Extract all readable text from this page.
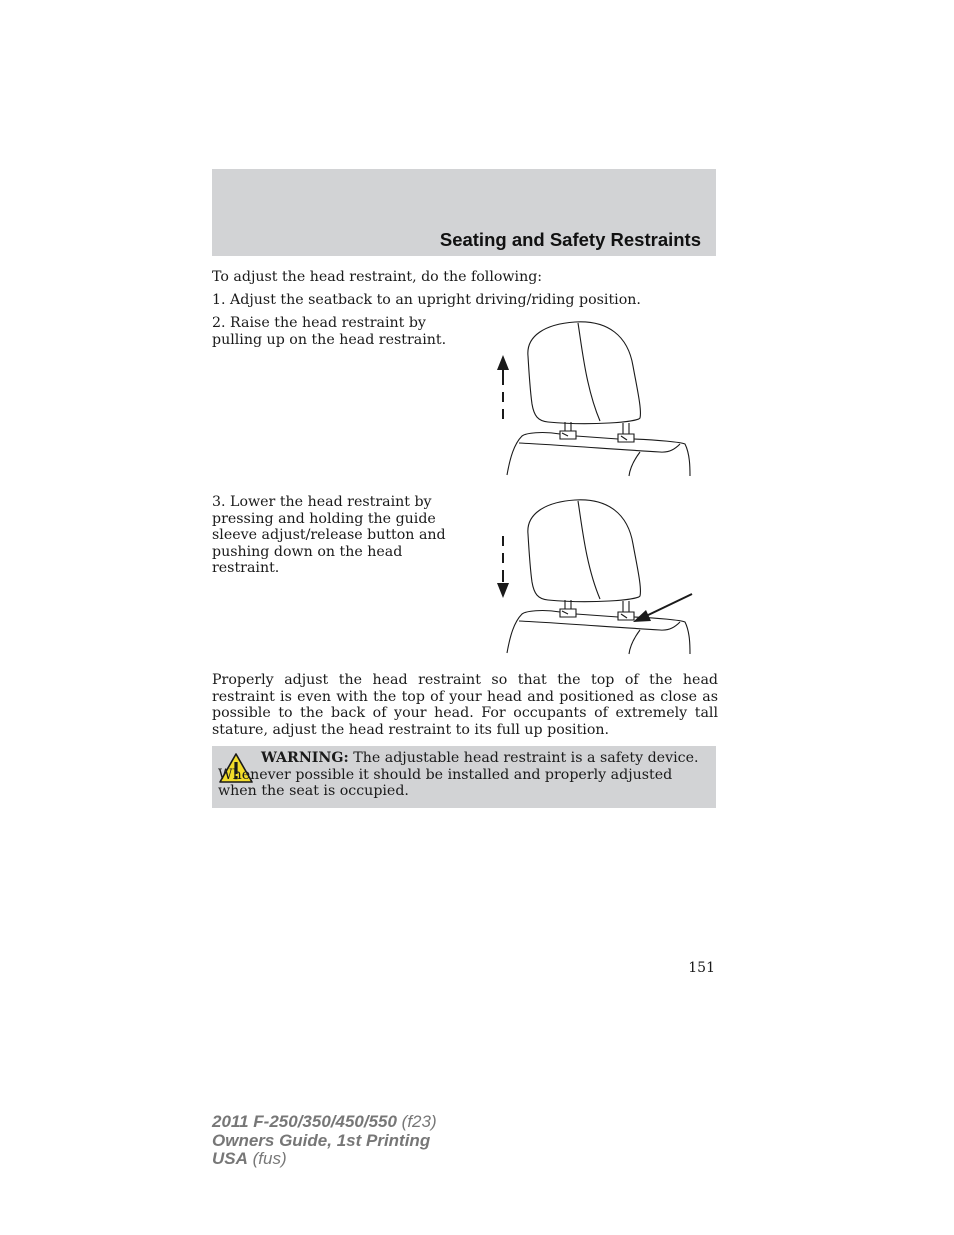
Seating and Safety Restraints
To adjust the head restraint, do the following:
1. Adjust the seatback to an upright driving/riding position.
2. Raise the head restraint by pulling up on the head restraint.
3. Lower the head restraint by pressing and holding the guide sleeve adjust/release button and pushing down on the head restraint.
Properly adjust the head restraint so that the top of the head restraint is even with the top of your head and positioned as close as possible to the back of your head. For occupants of extremely tall stature, adjust the head restraint to its full up position.
WARNING: The adjustable head restraint is a safety device. Whenever possible it should be installed and properly adjusted when the seat is occupied.
151
2011 F-250/350/450/550 (f23)
Owners Guide, 1st Printing
USA (fus)
